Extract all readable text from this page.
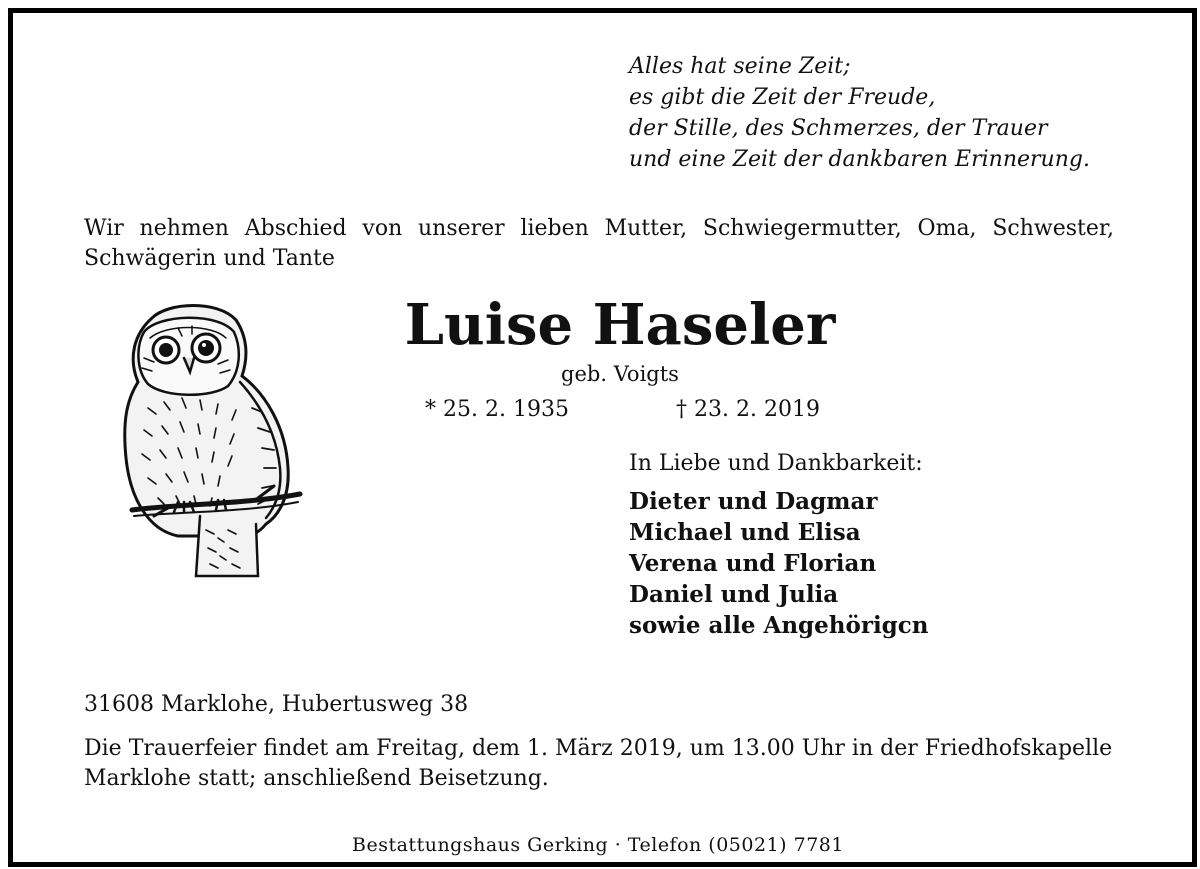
Alles hat seine Zeit;
es gibt die Zeit der Freude,
der Stille, des Schmerzes, der Trauer
und eine Zeit der dankbaren Erinnerung.
Wir nehmen Abschied von unserer lieben Mutter, Schwiegermutter, Oma, Schwester,
Schwägerin und Tante
Luise Haseler
geb. Voigts
* 25. 2. 1935	† 23. 2. 2019
In Liebe und Dankbarkeit:
Dieter und Dagmar
Michael und Elisa
Verena und Florian
Daniel und Julia
sowie alle Angehörigcn
31608 Marklohe, Hubertusweg 38
Die Trauerfeier findet am Freitag, dem 1. März 2019, um 13.00 Uhr in der Friedhofskapelle
Marklohe statt; anschließend Beisetzung.
Bestattungshaus Gerking · Telefon (05021) 7781
